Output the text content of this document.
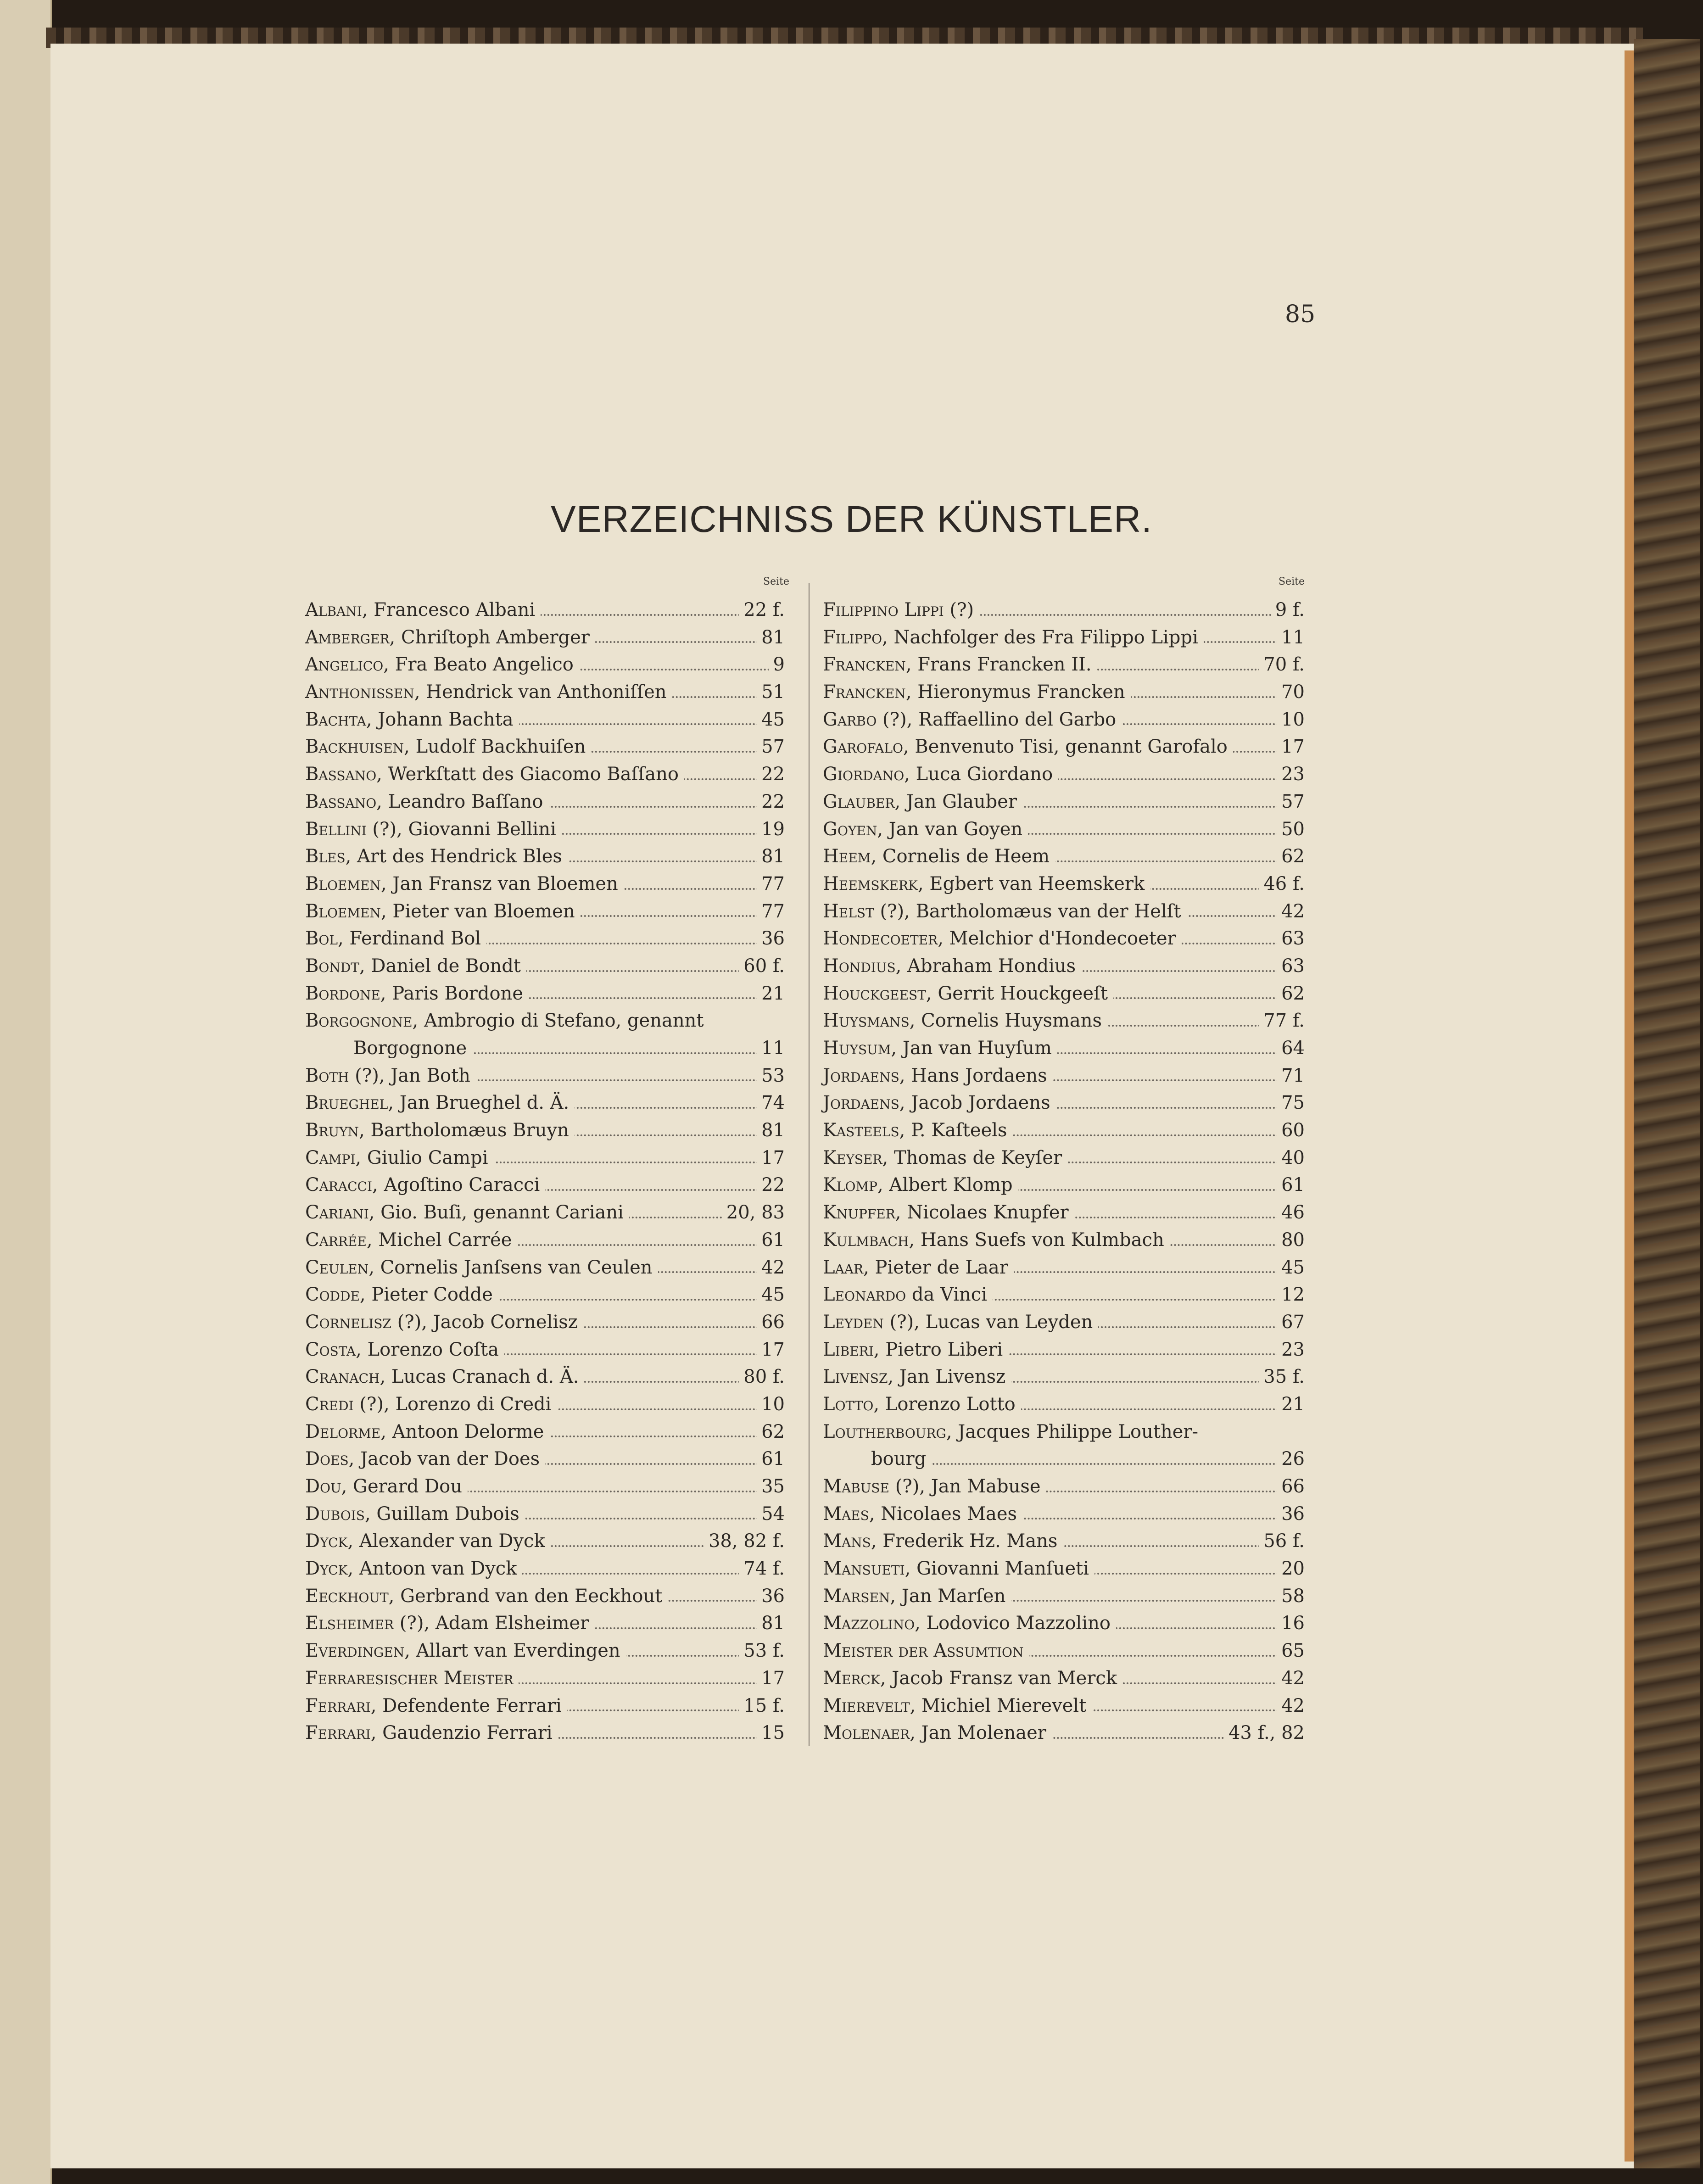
85
VERZEICHNISS DER KÜNSTLER.
Seite
Albani, Francesco Albani	22 f.
Amberger, Chriſtoph Amberger	81
Angelico, Fra Beato Angelico	9
Anthonissen, Hendrick van Anthoniſſen	51
Bachta, Johann Bachta	45
Backhuisen, Ludolf Backhuiſen	57
Bassano, Werkſtatt des Giacomo Baſſano	22
Bassano, Leandro Baſſano	22
Bellini (?), Giovanni Bellini	19
Bles, Art des Hendrick Bles	81
Bloemen, Jan Fransz van Bloemen	77
Bloemen, Pieter van Bloemen	77
Bol, Ferdinand Bol	36
Bondt, Daniel de Bondt	60 f.
Bordone, Paris Bordone	21
Borgognone, Ambrogio di Stefano, genannt
Borgognone	11
Both (?), Jan Both	53
Brueghel, Jan Brueghel d. Ä.	74
Bruyn, Bartholomæus Bruyn	81
Campi, Giulio Campi	17
Caracci, Agoſtino Caracci	22
Cariani, Gio. Buſi, genannt Cariani	20, 83
Carrée, Michel Carrée	61
Ceulen, Cornelis Janſsens van Ceulen	42
Codde, Pieter Codde	45
Cornelisz (?), Jacob Cornelisz	66
Costa, Lorenzo Coſta	17
Cranach, Lucas Cranach d. Ä.	80 f.
Credi (?), Lorenzo di Credi	10
Delorme, Antoon Delorme	62
Does, Jacob van der Does	61
Dou, Gerard Dou	35
Dubois, Guillam Dubois	54
Dyck, Alexander van Dyck	38, 82 f.
Dyck, Antoon van Dyck	74 f.
Eeckhout, Gerbrand van den Eeckhout	36
Elsheimer (?), Adam Elsheimer	81
Everdingen, Allart van Everdingen	53 f.
Ferraresischer Meister	17
Ferrari, Defendente Ferrari	15 f.
Ferrari, Gaudenzio Ferrari	15
Seite
Filippino Lippi (?)	9 f.
Filippo, Nachfolger des Fra Filippo Lippi	11
Francken, Frans Francken II.	70 f.
Francken, Hieronymus Francken	70
Garbo (?), Raffaellino del Garbo	10
Garofalo, Benvenuto Tisi, genannt Garofalo	17
Giordano, Luca Giordano	23
Glauber, Jan Glauber	57
Goyen, Jan van Goyen	50
Heem, Cornelis de Heem	62
Heemskerk, Egbert van Heemskerk	46 f.
Helst (?), Bartholomæus van der Helſt	42
Hondecoeter, Melchior d'Hondecoeter	63
Hondius, Abraham Hondius	63
Houckgeest, Gerrit Houckgeeſt	62
Huysmans, Cornelis Huysmans	77 f.
Huysum, Jan van Huyſum	64
Jordaens, Hans Jordaens	71
Jordaens, Jacob Jordaens	75
Kasteels, P. Kaſteels	60
Keyser, Thomas de Keyſer	40
Klomp, Albert Klomp	61
Knupfer, Nicolaes Knupfer	46
Kulmbach, Hans Suefs von Kulmbach	80
Laar, Pieter de Laar	45
Leonardo da Vinci	12
Leyden (?), Lucas van Leyden	67
Liberi, Pietro Liberi	23
Livensz, Jan Livensz	35 f.
Lotto, Lorenzo Lotto	21
Loutherbourg, Jacques Philippe Louther-
bourg	26
Mabuse (?), Jan Mabuse	66
Maes, Nicolaes Maes	36
Mans, Frederik Hz. Mans	56 f.
Mansueti, Giovanni Manſueti	20
Marsen, Jan Marſen	58
Mazzolino, Lodovico Mazzolino	16
Meister der Assumtion	65
Merck, Jacob Fransz van Merck	42
Mierevelt, Michiel Mierevelt	42
Molenaer, Jan Molenaer	43 f., 82
